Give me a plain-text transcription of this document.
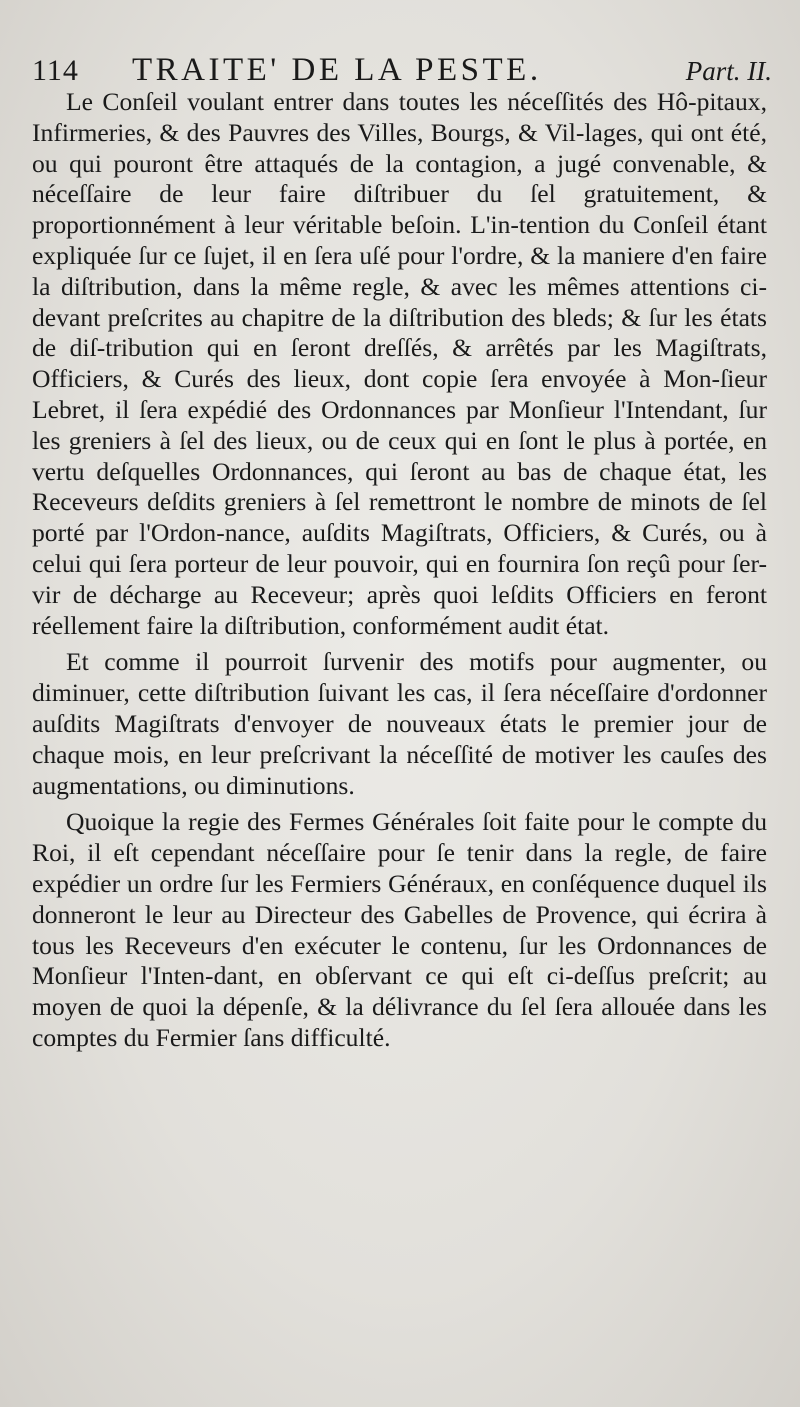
114	TRAITE' DE LA PESTE.	Part. II.

Le Conſeil voulant entrer dans toutes les néceſſités des Hô-pitaux, Infirmeries, & des Pauvres des Villes, Bourgs, & Vil-lages, qui ont été, ou qui pouront être attaqués de la contagion, a jugé convenable, & néceſſaire de leur faire diſtribuer du ſel gratuitement, & proportionnément à leur véritable beſoin. L'in-tention du Conſeil étant expliquée ſur ce ſujet, il en ſera uſé pour l'ordre, & la maniere d'en faire la diſtribution, dans la même regle, & avec les mêmes attentions ci-devant preſcrites au chapitre de la diſtribution des bleds; & ſur les états de diſ-tribution qui en ſeront dreſſés, & arrêtés par les Magiſtrats, Officiers, & Curés des lieux, dont copie ſera envoyée à Mon-ſieur Lebret, il ſera expédié des Ordonnances par Monſieur l'Intendant, ſur les greniers à ſel des lieux, ou de ceux qui en ſont le plus à portée, en vertu deſquelles Ordonnances, qui ſeront au bas de chaque état, les Receveurs deſdits greniers à ſel remettront le nombre de minots de ſel porté par l'Ordon-nance, auſdits Magiſtrats, Officiers, & Curés, ou à celui qui ſera porteur de leur pouvoir, qui en fournira ſon reçû pour ſer-vir de décharge au Receveur; après quoi leſdits Officiers en feront réellement faire la diſtribution, conformément audit état.

Et comme il pourroit ſurvenir des motifs pour augmenter, ou diminuer, cette diſtribution ſuivant les cas, il ſera néceſſaire d'ordonner auſdits Magiſtrats d'envoyer de nouveaux états le premier jour de chaque mois, en leur preſcrivant la néceſſité de motiver les cauſes des augmentations, ou diminutions.

Quoique la regie des Fermes Générales ſoit faite pour le compte du Roi, il eſt cependant néceſſaire pour ſe tenir dans la regle, de faire expédier un ordre ſur les Fermiers Généraux, en conſéquence duquel ils donneront le leur au Directeur des Gabelles de Provence, qui écrira à tous les Receveurs d'en exécuter le contenu, ſur les Ordonnances de Monſieur l'Inten-dant, en obſervant ce qui eſt ci-deſſus preſcrit; au moyen de quoi la dépenſe, & la délivrance du ſel ſera allouée dans les comptes du Fermier ſans difficulté.
